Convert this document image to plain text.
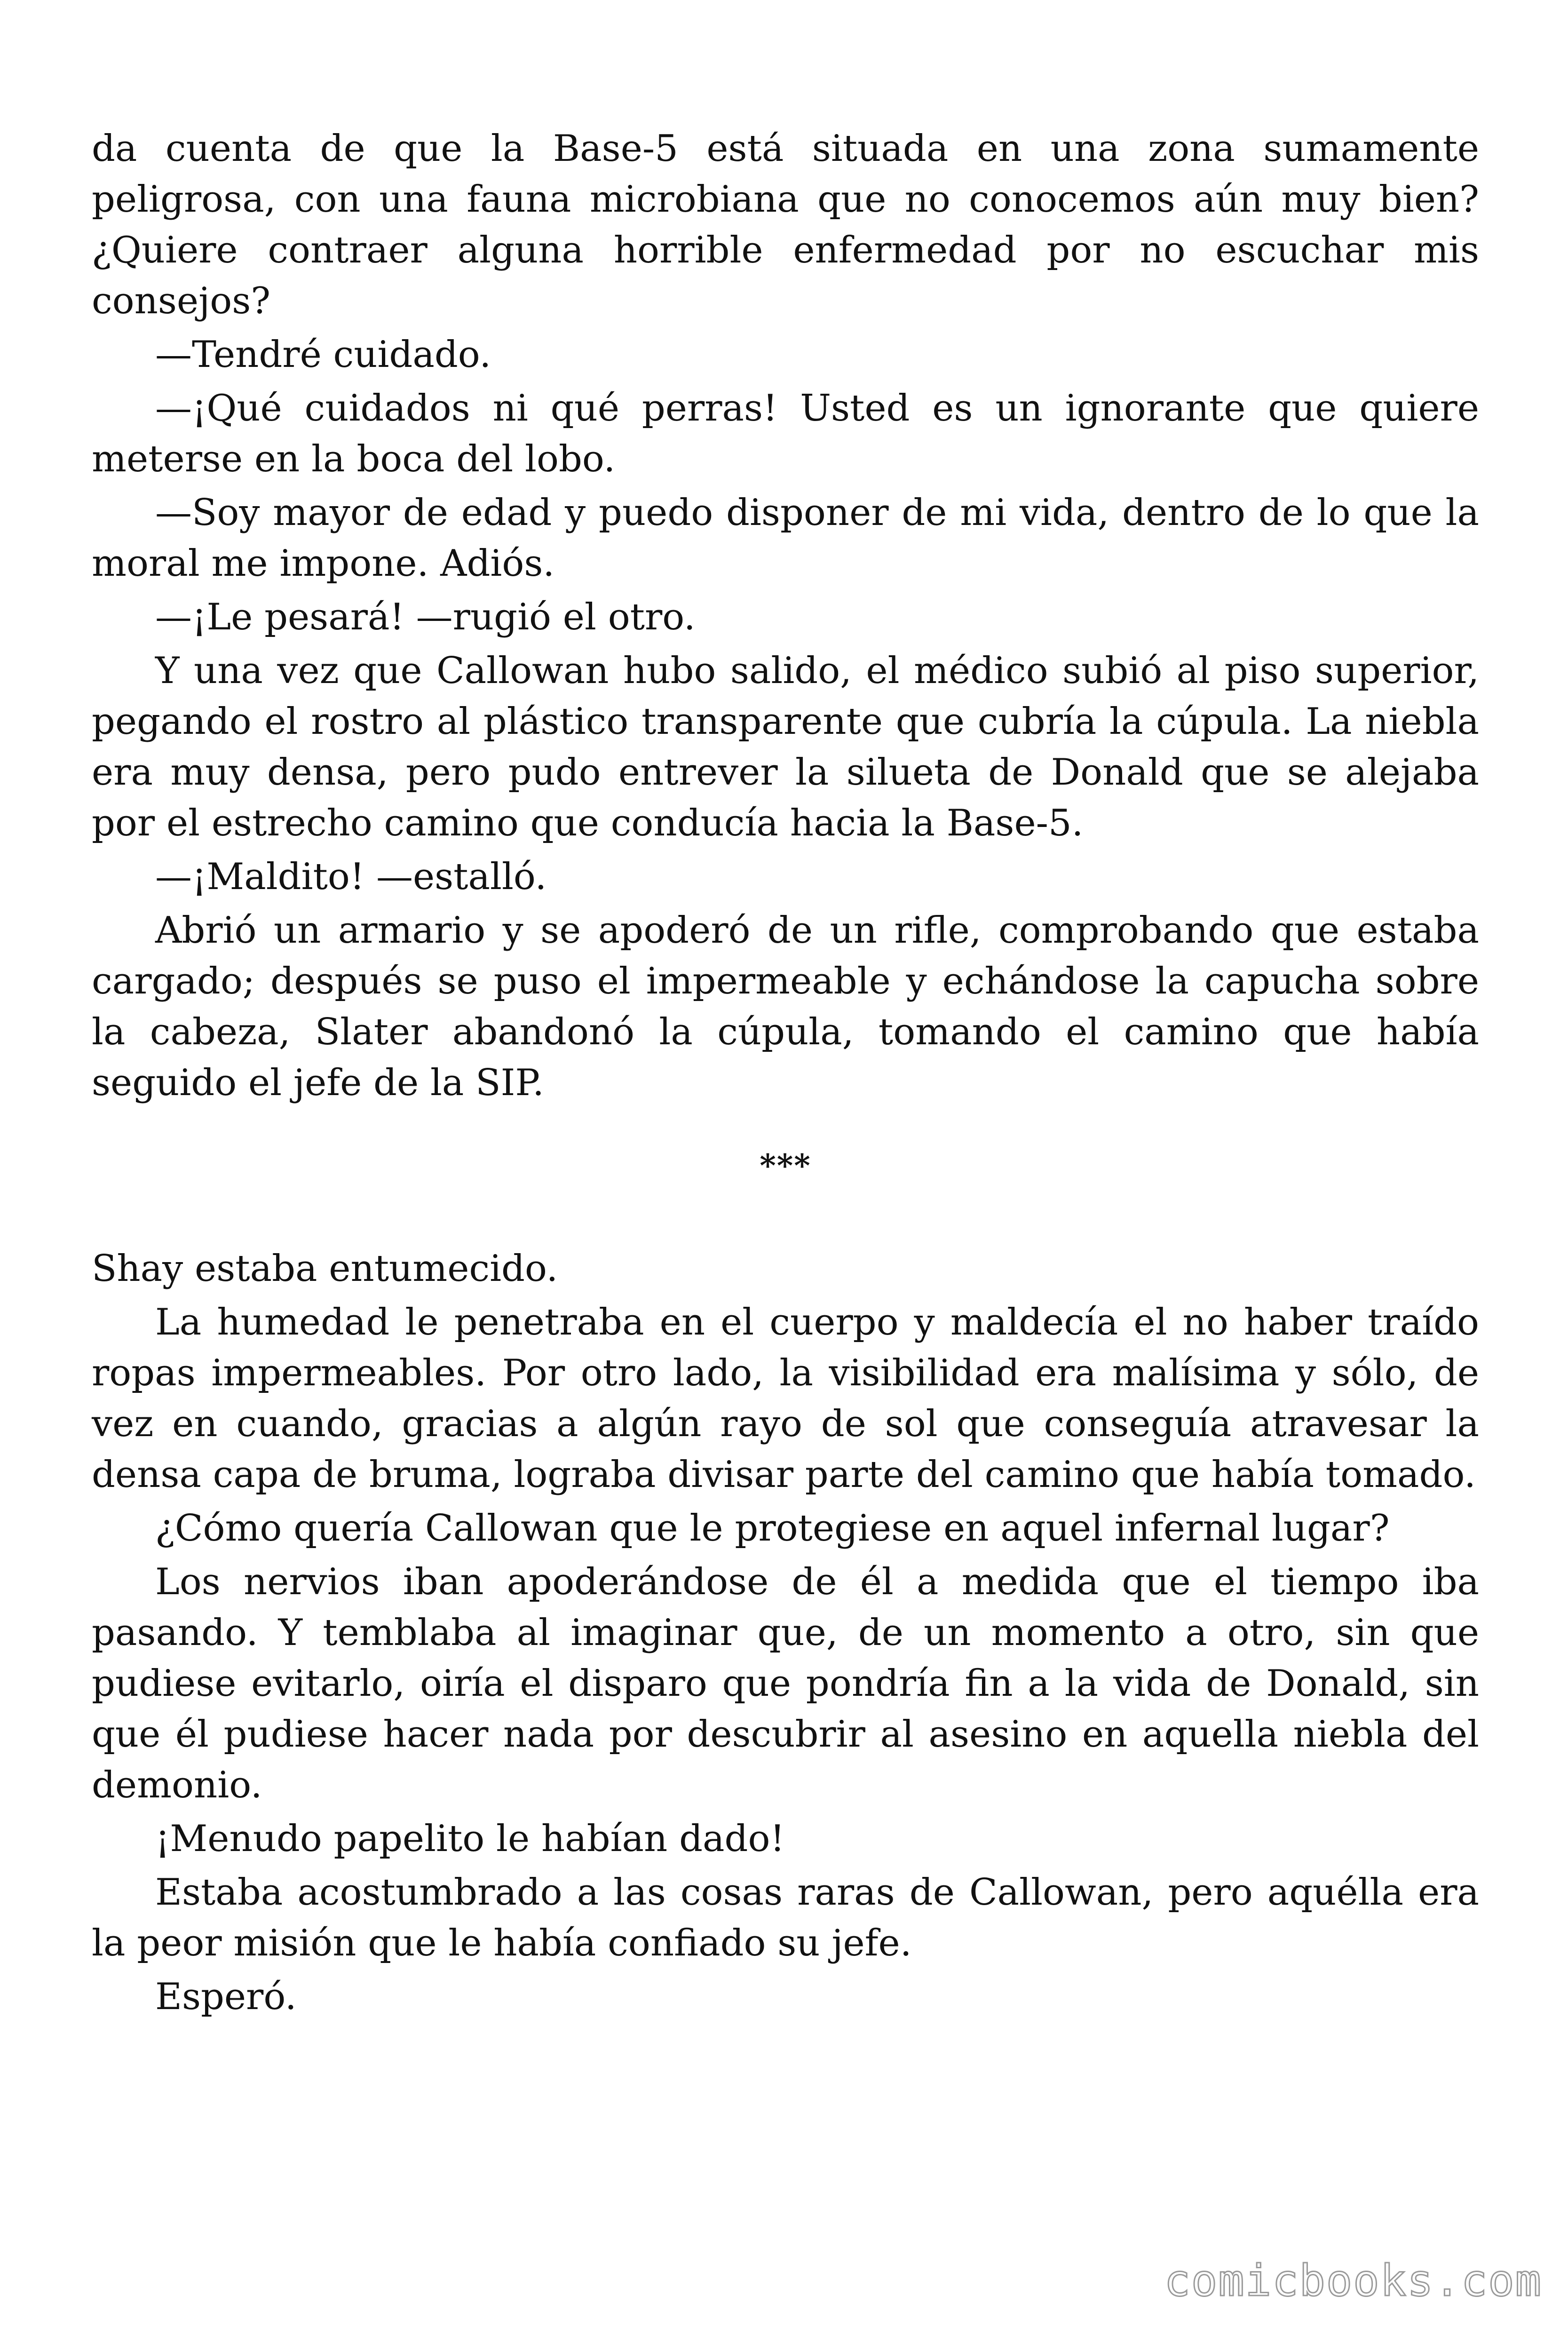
da cuenta de que la Base-5 está situada en una zona sumamente peligrosa, con una fauna microbiana que no conocemos aún muy bien? ¿Quiere contraer alguna horrible enfermedad por no escuchar mis consejos?

—Tendré cuidado.

—¡Qué cuidados ni qué perras! Usted es un ignorante que quiere meterse en la boca del lobo.

—Soy mayor de edad y puedo disponer de mi vida, dentro de lo que la moral me impone. Adiós.

—¡Le pesará! —rugió el otro.

Y una vez que Callowan hubo salido, el médico subió al piso superior, pegando el rostro al plástico transparente que cubría la cúpula. La niebla era muy densa, pero pudo entrever la silueta de Donald que se alejaba por el estrecho camino que conducía hacia la Base-5.

—¡Maldito! —estalló.

Abrió un armario y se apoderó de un rifle, comprobando que estaba cargado; después se puso el impermeable y echándose la capucha sobre la cabeza, Slater abandonó la cúpula, tomando el camino que había seguido el jefe de la SIP.

***

Shay estaba entumecido.

La humedad le penetraba en el cuerpo y maldecía el no haber traído ropas impermeables. Por otro lado, la visibilidad era malísima y sólo, de vez en cuando, gracias a algún rayo de sol que conseguía atravesar la densa capa de bruma, lograba divisar parte del camino que había tomado.

¿Cómo quería Callowan que le protegiese en aquel infernal lugar?

Los nervios iban apoderándose de él a medida que el tiempo iba pasando. Y temblaba al imaginar que, de un momento a otro, sin que pudiese evitarlo, oiría el disparo que pondría fin a la vida de Donald, sin que él pudiese hacer nada por descubrir al asesino en aquella niebla del demonio.

¡Menudo papelito le habían dado!

Estaba acostumbrado a las cosas raras de Callowan, pero aquélla era la peor misión que le había confiado su jefe.

Esperó.

comicbooks.com
